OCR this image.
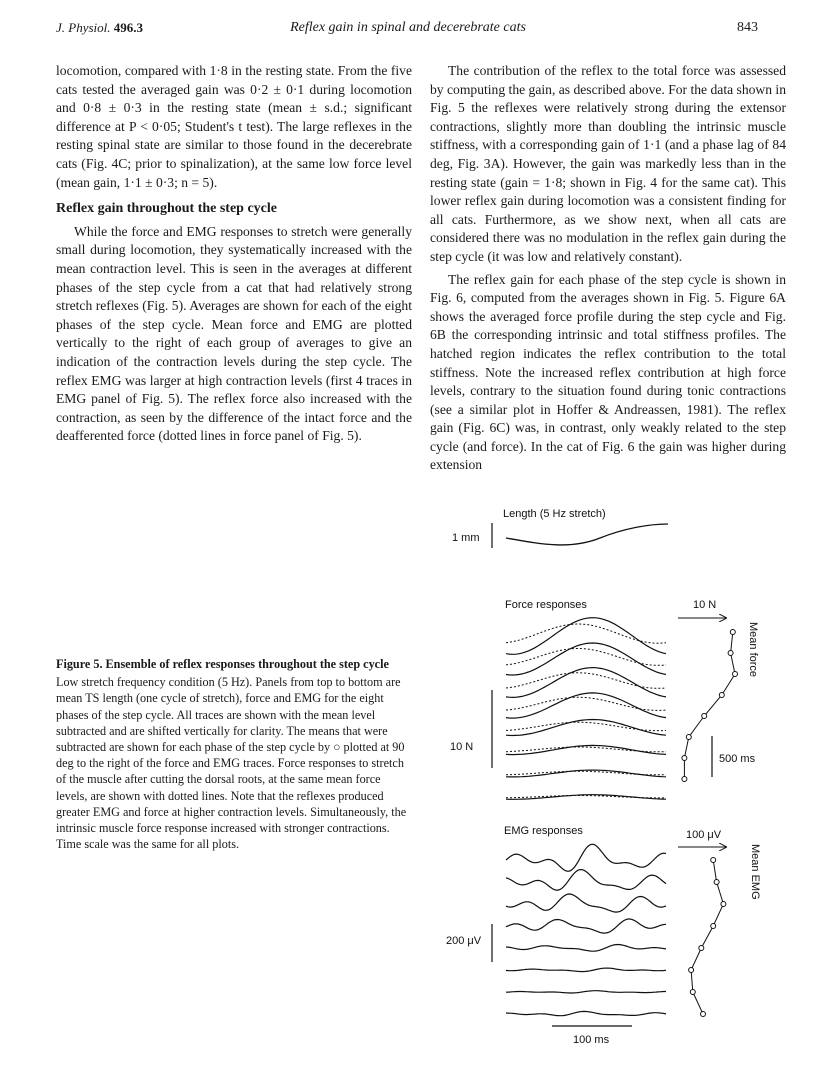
J. Physiol. 496.3	Reflex gain in spinal and decerebrate cats	843

locomotion, compared with 1·8 in the resting state. From the five cats tested the averaged gain was 0·2 ± 0·1 during locomotion and 0·8 ± 0·3 in the resting state (mean ± s.d.; significant difference at P < 0·05; Student's t test). The large reflexes in the resting spinal state are similar to those found in the decerebrate cats (Fig. 4C; prior to spinalization), at the same low force level (mean gain, 1·1 ± 0·3; n = 5).

Reflex gain throughout the step cycle

While the force and EMG responses to stretch were generally small during locomotion, they systematically increased with the mean contraction level. This is seen in the averages at different phases of the step cycle from a cat that had relatively strong stretch reflexes (Fig. 5). Averages are shown for each of the eight phases of the step cycle. Mean force and EMG are plotted vertically to the right of each group of averages to give an indication of the contraction levels during the step cycle. The reflex EMG was larger at high contraction levels (first 4 traces in EMG panel of Fig. 5). The reflex force also increased with the contraction, as seen by the difference of the intact force and the deafferented force (dotted lines in force panel of Fig. 5).

The contribution of the reflex to the total force was assessed by computing the gain, as described above. For the data shown in Fig. 5 the reflexes were relatively strong during the extensor contractions, slightly more than doubling the intrinsic muscle stiffness, with a corresponding gain of 1·1 (and a phase lag of 84 deg, Fig. 3A). However, the gain was markedly less than in the resting state (gain = 1·8; shown in Fig. 4 for the same cat). This lower reflex gain during locomotion was a consistent finding for all cats. Furthermore, as we show next, when all cats are considered there was no modulation in the reflex gain during the step cycle (it was low and relatively constant).

The reflex gain for each phase of the step cycle is shown in Fig. 6, computed from the averages shown in Fig. 5. Figure 6A shows the averaged force profile during the step cycle and Fig. 6B the corresponding intrinsic and total stiffness profiles. The hatched region indicates the reflex contribution to the total stiffness. Note the increased reflex contribution at high force levels, contrary to the situation found during tonic contractions (see a similar plot in Hoffer & Andreassen, 1981). The reflex gain (Fig. 6C) was, in contrast, only weakly related to the step cycle (and force). In the cat of Fig. 6 the gain was higher during extension

Figure 5. Ensemble of reflex responses throughout the step cycle

Low stretch frequency condition (5 Hz). Panels from top to bottom are mean TS length (one cycle of stretch), force and EMG for the eight phases of the step cycle. All traces are shown with the mean level subtracted and are shifted vertically for clarity. The means that were subtracted are shown for each phase of the step cycle by ○ plotted at 90 deg to the right of the force and EMG traces. Force responses to stretch of the muscle after cutting the dorsal roots, at the same mean force levels, are shown with dotted lines. Note that the reflexes produced greater EMG and force at higher contraction levels. Simultaneously, the intrinsic muscle force response increased with stronger contractions. Time scale was the same for all plots.

Length (5 Hz stretch)
1 mm
Force responses
10 N
10 N
Mean force
500 ms
EMG responses
200 μV
100 μV
Mean EMG
100 ms
